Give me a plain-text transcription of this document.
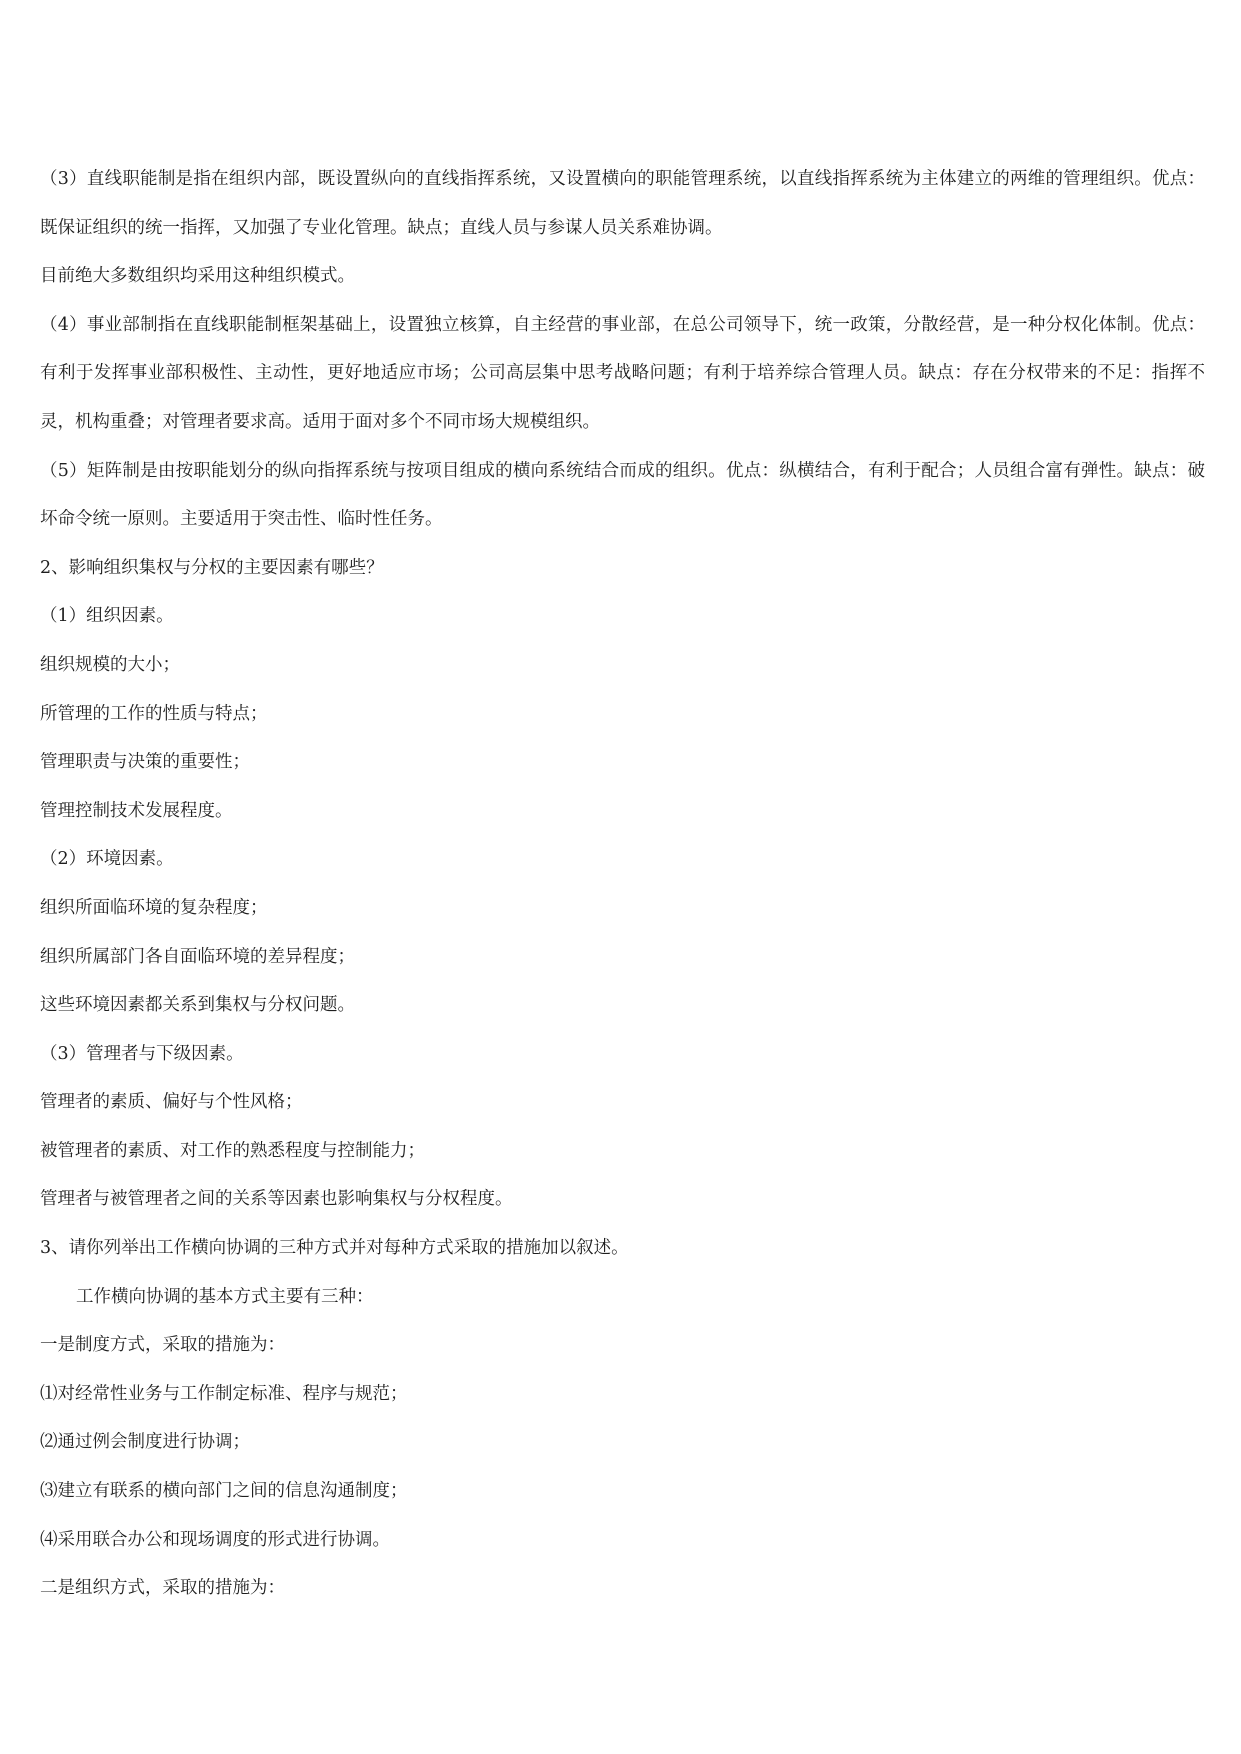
（3）直线职能制是指在组织内部，既设置纵向的直线指挥系统，又设置横向的职能管理系统，以直线指挥系统为主体建立的两维的管理组织。优点：既保证组织的统一指挥，又加强了专业化管理。缺点；直线人员与参谋人员关系难协调。

目前绝大多数组织均采用这种组织模式。

（4）事业部制指在直线职能制框架基础上，设置独立核算，自主经营的事业部，在总公司领导下，统一政策，分散经营，是一种分权化体制。优点：有利于发挥事业部积极性、主动性，更好地适应市场；公司高层集中思考战略问题；有利于培养综合管理人员。缺点：存在分权带来的不足：指挥不灵，机构重叠；对管理者要求高。适用于面对多个不同市场大规模组织。

（5）矩阵制是由按职能划分的纵向指挥系统与按项目组成的横向系统结合而成的组织。优点：纵横结合，有利于配合；人员组合富有弹性。缺点：破坏命令统一原则。主要适用于突击性、临时性任务。

2、影响组织集权与分权的主要因素有哪些？

（1）组织因素。

组织规模的大小；

所管理的工作的性质与特点；

管理职责与决策的重要性；

管理控制技术发展程度。

（2）环境因素。

组织所面临环境的复杂程度；

组织所属部门各自面临环境的差异程度；

这些环境因素都关系到集权与分权问题。

（3）管理者与下级因素。

管理者的素质、偏好与个性风格；

被管理者的素质、对工作的熟悉程度与控制能力；

管理者与被管理者之间的关系等因素也影响集权与分权程度。

3、请你列举出工作横向协调的三种方式并对每种方式采取的措施加以叙述。

工作横向协调的基本方式主要有三种：

一是制度方式，采取的措施为：

⑴对经常性业务与工作制定标准、程序与规范；

⑵通过例会制度进行协调；

⑶建立有联系的横向部门之间的信息沟通制度；

⑷采用联合办公和现场调度的形式进行协调。

二是组织方式，采取的措施为：
